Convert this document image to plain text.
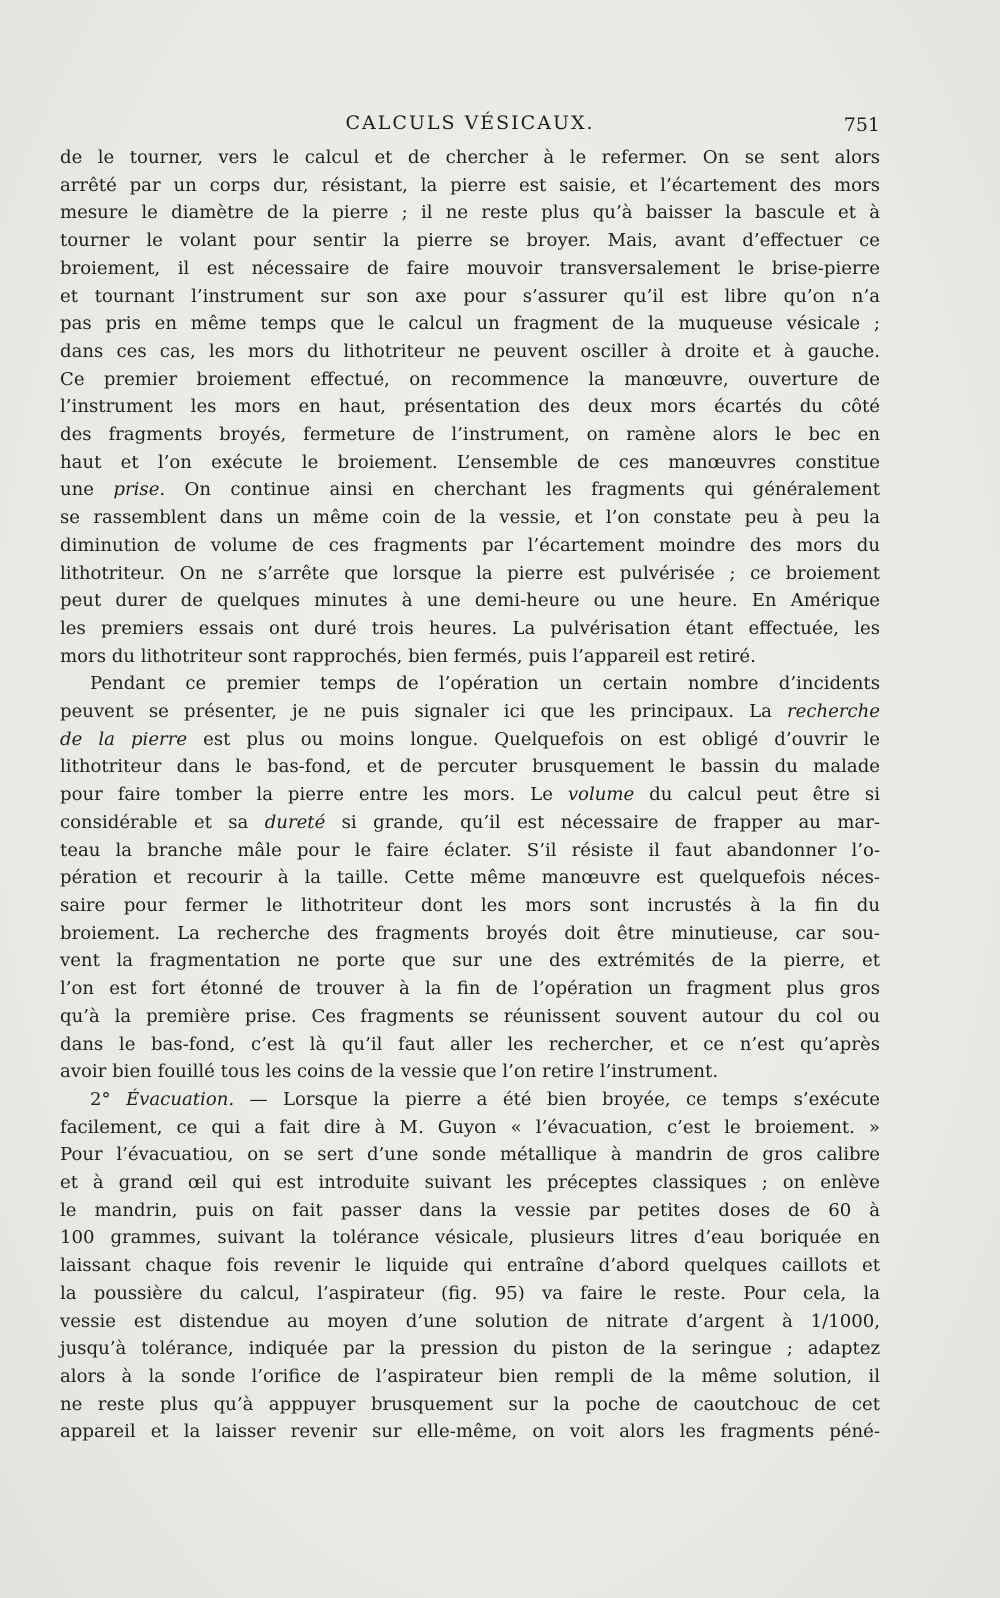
CALCULS VÉSICAUX.	751

de le tourner, vers le calcul et de chercher à le refermer. On se sent alors

arrêté par un corps dur, résistant, la pierre est saisie, et l’écartement des mors

mesure le diamètre de la pierre ; il ne reste plus qu’à baisser la bascule et à

tourner le volant pour sentir la pierre se broyer. Mais, avant d’effectuer ce

broiement, il est nécessaire de faire mouvoir transversalement le brise-pierre

et tournant l’instrument sur son axe pour s’assurer qu’il est libre qu’on n’a

pas pris en même temps que le calcul un fragment de la muqueuse vésicale ;

dans ces cas, les mors du lithotriteur ne peuvent osciller à droite et à gauche.

Ce premier broiement effectué, on recommence la manœuvre, ouverture de

l’instrument les mors en haut, présentation des deux mors écartés du côté

des fragments broyés, fermeture de l’instrument, on ramène alors le bec en

haut et l’on exécute le broiement. L’ensemble de ces manœuvres constitue

une prise. On continue ainsi en cherchant les fragments qui généralement

se rassemblent dans un même coin de la vessie, et l’on constate peu à peu la

diminution de volume de ces fragments par l’écartement moindre des mors du

lithotriteur. On ne s’arrête que lorsque la pierre est pulvérisée ; ce broiement

peut durer de quelques minutes à une demi-heure ou une heure. En Amérique

les premiers essais ont duré trois heures. La pulvérisation étant effectuée, les

mors du lithotriteur sont rapprochés, bien fermés, puis l’appareil est retiré.

Pendant ce premier temps de l’opération un certain nombre d’incidents

peuvent se présenter, je ne puis signaler ici que les principaux. La recherche

de la pierre est plus ou moins longue. Quelquefois on est obligé d’ouvrir le

lithotriteur dans le bas-fond, et de percuter brusquement le bassin du malade

pour faire tomber la pierre entre les mors. Le volume du calcul peut être si

considérable et sa dureté si grande, qu’il est nécessaire de frapper au mar-

teau la branche mâle pour le faire éclater. S’il résiste il faut abandonner l’o-

pération et recourir à la taille. Cette même manœuvre est quelquefois néces-

saire pour fermer le lithotriteur dont les mors sont incrustés à la fin du

broiement. La recherche des fragments broyés doit être minutieuse, car sou-

vent la fragmentation ne porte que sur une des extrémités de la pierre, et

l’on est fort étonné de trouver à la fin de l’opération un fragment plus gros

qu’à la première prise. Ces fragments se réunissent souvent autour du col ou

dans le bas-fond, c’est là qu’il faut aller les rechercher, et ce n’est qu’après

avoir bien fouillé tous les coins de la vessie que l’on retire l’instrument.

2° Évacuation. — Lorsque la pierre a été bien broyée, ce temps s’exécute

facilement, ce qui a fait dire à M. Guyon « l’évacuation, c’est le broiement. »

Pour l’évacuatiou, on se sert d’une sonde métallique à mandrin de gros calibre

et à grand œil qui est introduite suivant les préceptes classiques ; on enlève

le mandrin, puis on fait passer dans la vessie par petites doses de 60 à

100 grammes, suivant la tolérance vésicale, plusieurs litres d’eau boriquée en

laissant chaque fois revenir le liquide qui entraîne d’abord quelques caillots et

la poussière du calcul, l’aspirateur (fig. 95) va faire le reste. Pour cela, la

vessie est distendue au moyen d’une solution de nitrate d’argent à 1/1000,

jusqu’à tolérance, indiquée par la pression du piston de la seringue ; adaptez

alors à la sonde l’orifice de l’aspirateur bien rempli de la même solution, il

ne reste plus qu’à apppuyer brusquement sur la poche de caoutchouc de cet

appareil et la laisser revenir sur elle-même, on voit alors les fragments péné-
